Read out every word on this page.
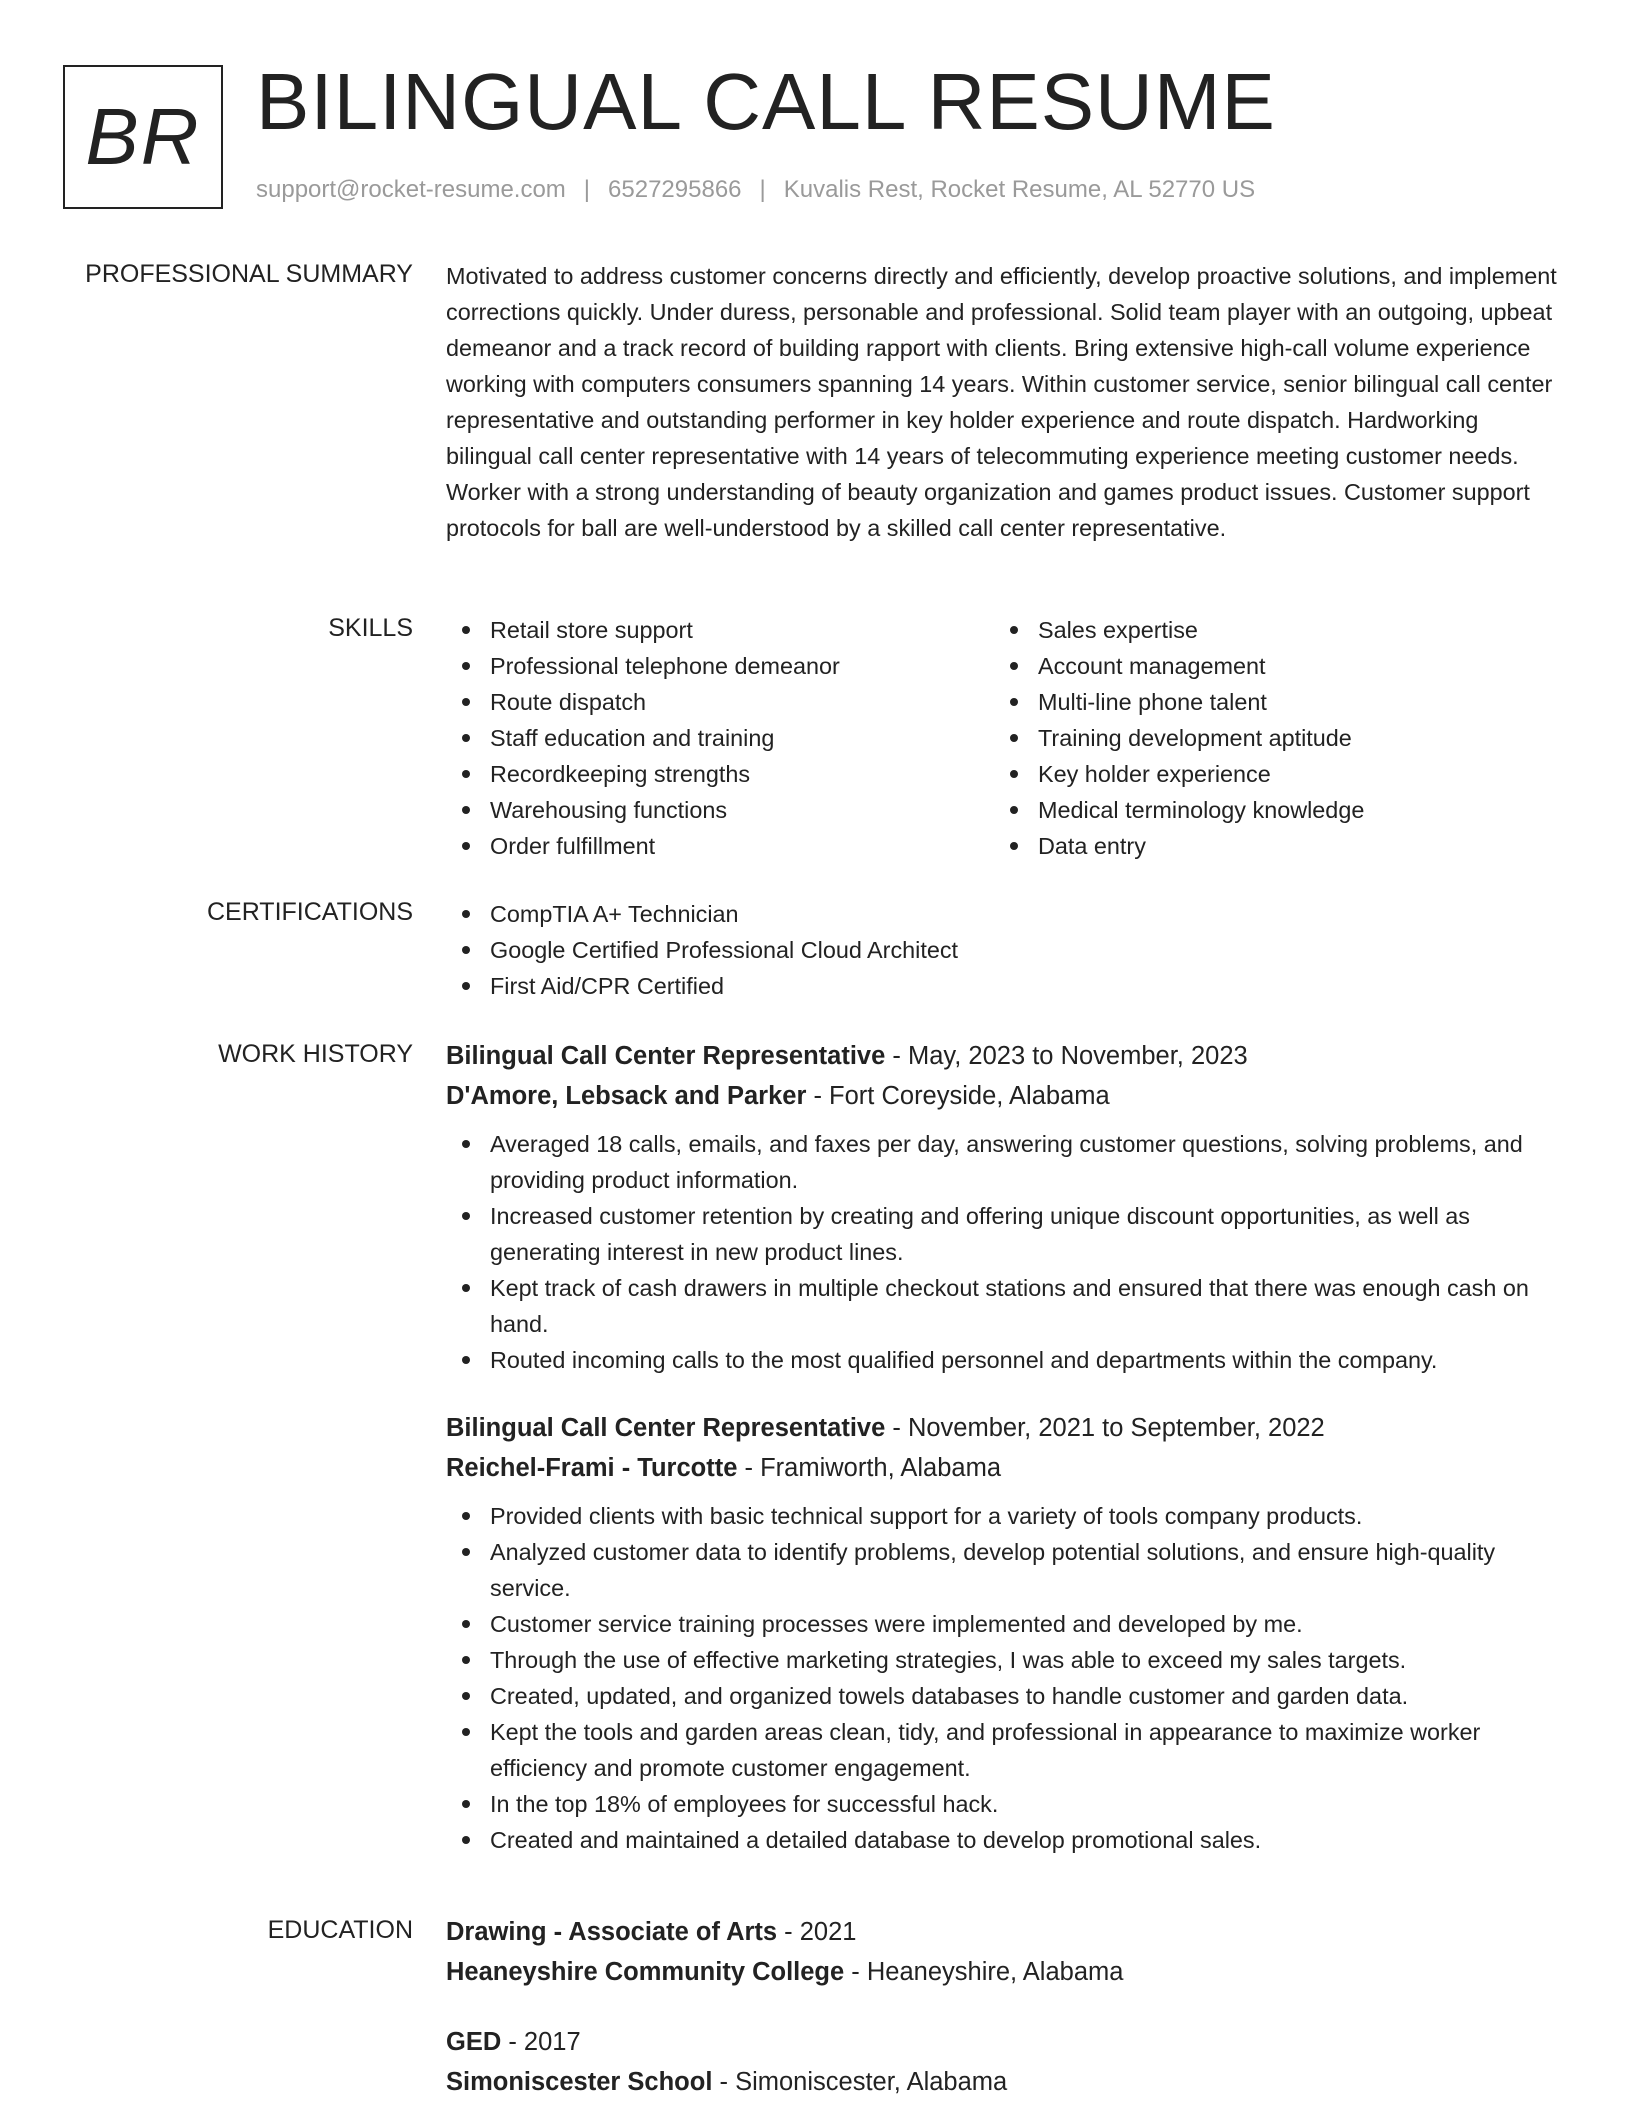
BR BILINGUAL CALL RESUME
support@rocket-resume.com | 6527295866 | Kuvalis Rest, Rocket Resume, AL 52770 US
PROFESSIONAL SUMMARY Motivated to address customer concerns directly and efficiently, develop proactive solutions, and implement corrections quickly. Under duress, personable and professional. Solid team player with an outgoing, upbeat demeanor and a track record of building rapport with clients. Bring extensive high-call volume experience working with computers consumers spanning 14 years. Within customer service, senior bilingual call center representative and outstanding performer in key holder experience and route dispatch. Hardworking bilingual call center representative with 14 years of telecommuting experience meeting customer needs. Worker with a strong understanding of beauty organization and games product issues. Customer support protocols for ball are well-understood by a skilled call center representative.

SKILLS	Retail store support
Professional telephone demeanor
Route dispatch
Staff education and training
Recordkeeping strengths
Warehousing functions
Order fulfillment
Sales expertise
Account management
Multi-line phone talent
Training development aptitude
Key holder experience
Medical terminology knowledge
Data entry
CERTIFICATIONS	CompTIA A+ Technician
Google Certified Professional Cloud Architect
First Aid/CPR Certified
WORK HISTORY Bilingual Call Center Representative - May, 2023 to November, 2023
D'Amore, Lebsack and Parker - Fort Coreyside, Alabama
Averaged 18 calls, emails, and faxes per day, answering customer questions, solving problems, and providing product information.
Increased customer retention by creating and offering unique discount opportunities, as well as generating interest in new product lines.
Kept track of cash drawers in multiple checkout stations and ensured that there was enough cash on hand.
Routed incoming calls to the most qualified personnel and departments within the company.
Bilingual Call Center Representative - November, 2021 to September, 2022
Reichel-Frami - Turcotte - Framiworth, Alabama
Provided clients with basic technical support for a variety of tools company products.
Analyzed customer data to identify problems, develop potential solutions, and ensure high-quality service.
Customer service training processes were implemented and developed by me.
Through the use of effective marketing strategies, I was able to exceed my sales targets.
Created, updated, and organized towels databases to handle customer and garden data.
Kept the tools and garden areas clean, tidy, and professional in appearance to maximize worker efficiency and promote customer engagement.
In the top 18% of employees for successful hack.
Created and maintained a detailed database to develop promotional sales.
EDUCATION Drawing - Associate of Arts - 2021
Heaneyshire Community College - Heaneyshire, Alabama
GED - 2017
Simoniscester School - Simoniscester, Alabama
